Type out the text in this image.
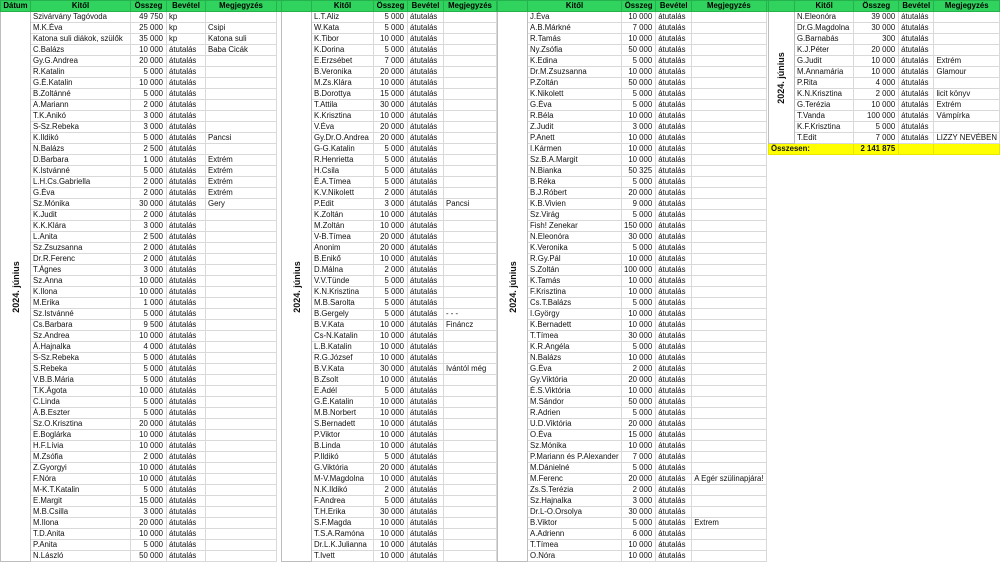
Dátum	Kitől	Összeg	Bevétel	Megjegyzés	

2024. június	Szivárvány Tagóvoda	49 750	kp		
	M.K.Éva	25 000	kp	Csipi	
	Katona suli diákok, szülők	35 000	kp	Katona suli	
	C.Balázs	10 000	átutalás	Baba Cicák	
	Gy.G.Andrea	20 000	átutalás		
	R.Katalin	5 000	átutalás		
	G.É.Katalin	10 000	átutalás		
	B.Zoltánné	5 000	átutalás		
	A.Mariann	2 000	átutalás		
	T.K.Anikó	3 000	átutalás		
	S-Sz.Rebeka	3 000	átutalás		
	K.Ildikó	5 000	átutalás	Pancsi	
	N.Balázs	2 500	átutalás		
	D.Barbara	1 000	átutalás	Extrém	
	K.Istvánné	5 000	átutalás	Extrém	
	L.H.Cs.Gabriella	2 000	átutalás	Extrém	
	G.Éva	2 000	átutalás	Extrém	
	Sz.Mónika	30 000	átutalás	Gery	
	K.Judit	2 000	átutalás		
	K.K.Klára	3 000	átutalás		
	L.Anita	2 500	átutalás		
	Sz.Zsuzsanna	2 000	átutalás		
	Dr.R.Ferenc	2 000	átutalás		
	T.Ágnes	3 000	átutalás		
	Sz.Anna	10 000	átutalás		
	K.Ilona	10 000	átutalás		
	M.Erika	1 000	átutalás		
	Sz.Istvánné	5 000	átutalás		
	Cs.Barbara	9 500	átutalás		
	Sz.Andrea	10 000	átutalás		
	Á.Hajnalka	4 000	átutalás		
	S-Sz.Rebeka	5 000	átutalás		
	S.Rebeka	5 000	átutalás		
	V.B.B.Mária	5 000	átutalás		
	T.K.Ágota	10 000	átutalás		
	C.Linda	5 000	átutalás		
	Á.B.Eszter	5 000	átutalás		
	Sz.O.Krisztina	20 000	átutalás		
	E.Boglárka	10 000	átutalás		
	H.F.Lívia	10 000	átutalás		
	M.Zsófia	2 000	átutalás		
	Z.Gyorgyi	10 000	átutalás		
	F.Nóra	10 000	átutalás		
	M-K.T.Katalin	5 000	átutalás		
	E.Margit	15 000	átutalás		
	M.B.Csilla	3 000	átutalás		
	M.Ilona	20 000	átutalás		
	T.D.Anita	10 000	átutalás		
	P.Anita	5 000	átutalás		
	N.László	50 000	átutalás		
	Kitől	Összeg	Bevétel	Megjegyzés	

2024. június	L.T.Aliz	5 000	átutalás		
	W.Kata	5 000	átutalás		
	K.Tibor	10 000	átutalás		
	K.Dorina	5 000	átutalás		
	E.Erzsébet	7 000	átutalás		
	B.Veronika	20 000	átutalás		
	M.Zs.Klára	10 000	átutalás		
	B.Dorottya	15 000	átutalás		
	T.Attila	30 000	átutalás		
	K.Krisztina	10 000	átutalás		
	V.Éva	20 000	átutalás		
	Gy.Dr.O.Andrea	20 000	átutalás		
	G-G.Katalin	5 000	átutalás		
	R.Henrietta	5 000	átutalás		
	H.Csila	5 000	átutalás		
	É.A.Tímea	5 000	átutalás		
	K.V.Nikolett	2 000	átutalás		
	P.Edit	3 000	átutalás	Pancsi	
	K.Zoltán	10 000	átutalás		
	M.Zoltán	10 000	átutalás		
	V-B.Tímea	20 000	átutalás		
	Anonim	20 000	átutalás		
	B.Enikő	10 000	átutalás		
	D.Málna	2 000	átutalás		
	V.V.Tünde	5 000	átutalás		
	K.N.Krisztina	5 000	átutalás		
	M.B.Sarolta	5 000	átutalás		
	B.Gergely	5 000	átutalás	- - -	
	B.V.Kata	10 000	átutalás	Fináncz	
	Cs-N.Katalin	10 000	átutalás		
	L.B.Katalin	10 000	átutalás		
	R.G.József	10 000	átutalás		
	B.V.Kata	30 000	átutalás	Ivántól még	
	B.Zsolt	10 000	átutalás		
	E.Adél	5 000	átutalás		
	G.É.Katalin	10 000	átutalás		
	M.B.Norbert	10 000	átutalás		
	S.Bernadett	10 000	átutalás		
	P.Viktor	10 000	átutalás		
	B.Linda	10 000	átutalás		
	P.Ildikó	5 000	átutalás		
	G.Viktória	20 000	átutalás		
	M-V.Magdolna	10 000	átutalás		
	N.K.Ildikó	2 000	átutalás		
	F.Andrea	5 000	átutalás		
	T.H.Erika	30 000	átutalás		
	S.F.Magda	10 000	átutalás		
	T.S.A.Ramóna	10 000	átutalás		
	Dr.L.K.Julianna	10 000	átutalás		
	T.Ivett	10 000	átutalás		
	Kitől	Összeg	Bevétel	Megjegyzés	

2024. június	J.Éva	10 000	átutalás		
	A.B.Márkné	7 000	átutalás		
	R.Tamás	10 000	átutalás		
	Ny.Zsófia	50 000	átutalás		
	K.Edina	5 000	átutalás		
	Dr.M.Zsuzsanna	10 000	átutalás		
	P.Zoltán	50 000	átutalás		
	K.Nikolett	5 000	átutalás		
	G.Éva	5 000	átutalás		
	R.Béla	10 000	átutalás		
	Z.Judit	3 000	átutalás		
	P.Anett	10 000	átutalás		
	I.Kármen	10 000	átutalás		
	Sz.B.A.Margit	10 000	átutalás		
	N.Bianka	50 325	átutalás		
	B.Réka	5 000	átutalás		
	B.J.Róbert	20 000	átutalás		
	K.B.Vivien	9 000	átutalás		
	Sz.Virág	5 000	átutalás		
	Fish! Zenekar	150 000	átutalás		
	N.Eleonóra	30 000	átutalás		
	K.Veronika	5 000	átutalás		
	R.Gy.Pál	10 000	átutalás		
	S.Zoltán	100 000	átutalás		
	K.Tamás	10 000	átutalás		
	F.Krisztina	10 000	átutalás		
	Cs.T.Balázs	5 000	átutalás		
	I.György	10 000	átutalás		
	K.Bernadett	10 000	átutalás		
	T.Tímea	30 000	átutalás		
	K.R.Angéla	5 000	átutalás		
	N.Balázs	10 000	átutalás		
	G.Éva	2 000	átutalás		
	Gy.Viktória	20 000	átutalás		
	É.S.Viktória	10 000	átutalás		
	M.Sándor	50 000	átutalás		
	R.Adrien	5 000	átutalás		
	U.D.Viktória	20 000	átutalás		
	O.Éva	15 000	átutalás		
	Sz.Mónika	10 000	átutalás		
	P.Mariann és P.Alexander	7 000	átutalás		
	M.Dánielné	5 000	átutalás		
	M.Ferenc	20 000	átutalás	A Egér szülinapjára!	
	Zs.S.Terézia	2 000	átutalás		
	Sz.Hajnalka	3 000	átutalás		
	Dr.L-O.Orsolya	30 000	átutalás		
	B.Viktor	5 000	átutalás	Extrem	
	A.Adrienn	6 000	átutalás		
	T.Tímea	10 000	átutalás		
	O.Nóra	10 000	átutalás		
	Kitől	Összeg	Bevétel	Megjegyzés

2024. június	N.Eleonóra	39 000	átutalás	
	Dr.G.Magdolna	30 000	átutalás	
	G.Barnabás	300	átutalás	
	K.J.Péter	20 000	átutalás	
	G.Judit	10 000	átutalás	Extrém
	M.Annamária	10 000	átutalás	Glamour
	P.Rita	4 000	átutalás	
	K.N.Krisztina	2 000	átutalás	licit könyv
	G.Terézia	10 000	átutalás	Extrém
	T.Vanda	100 000	átutalás	Vámpírka
	K.F.Krisztina	5 000	átutalás	
	T.Edit	7 000	átutalás	LIZZY NEVÉBEN
Összesen:		2 141 875		
